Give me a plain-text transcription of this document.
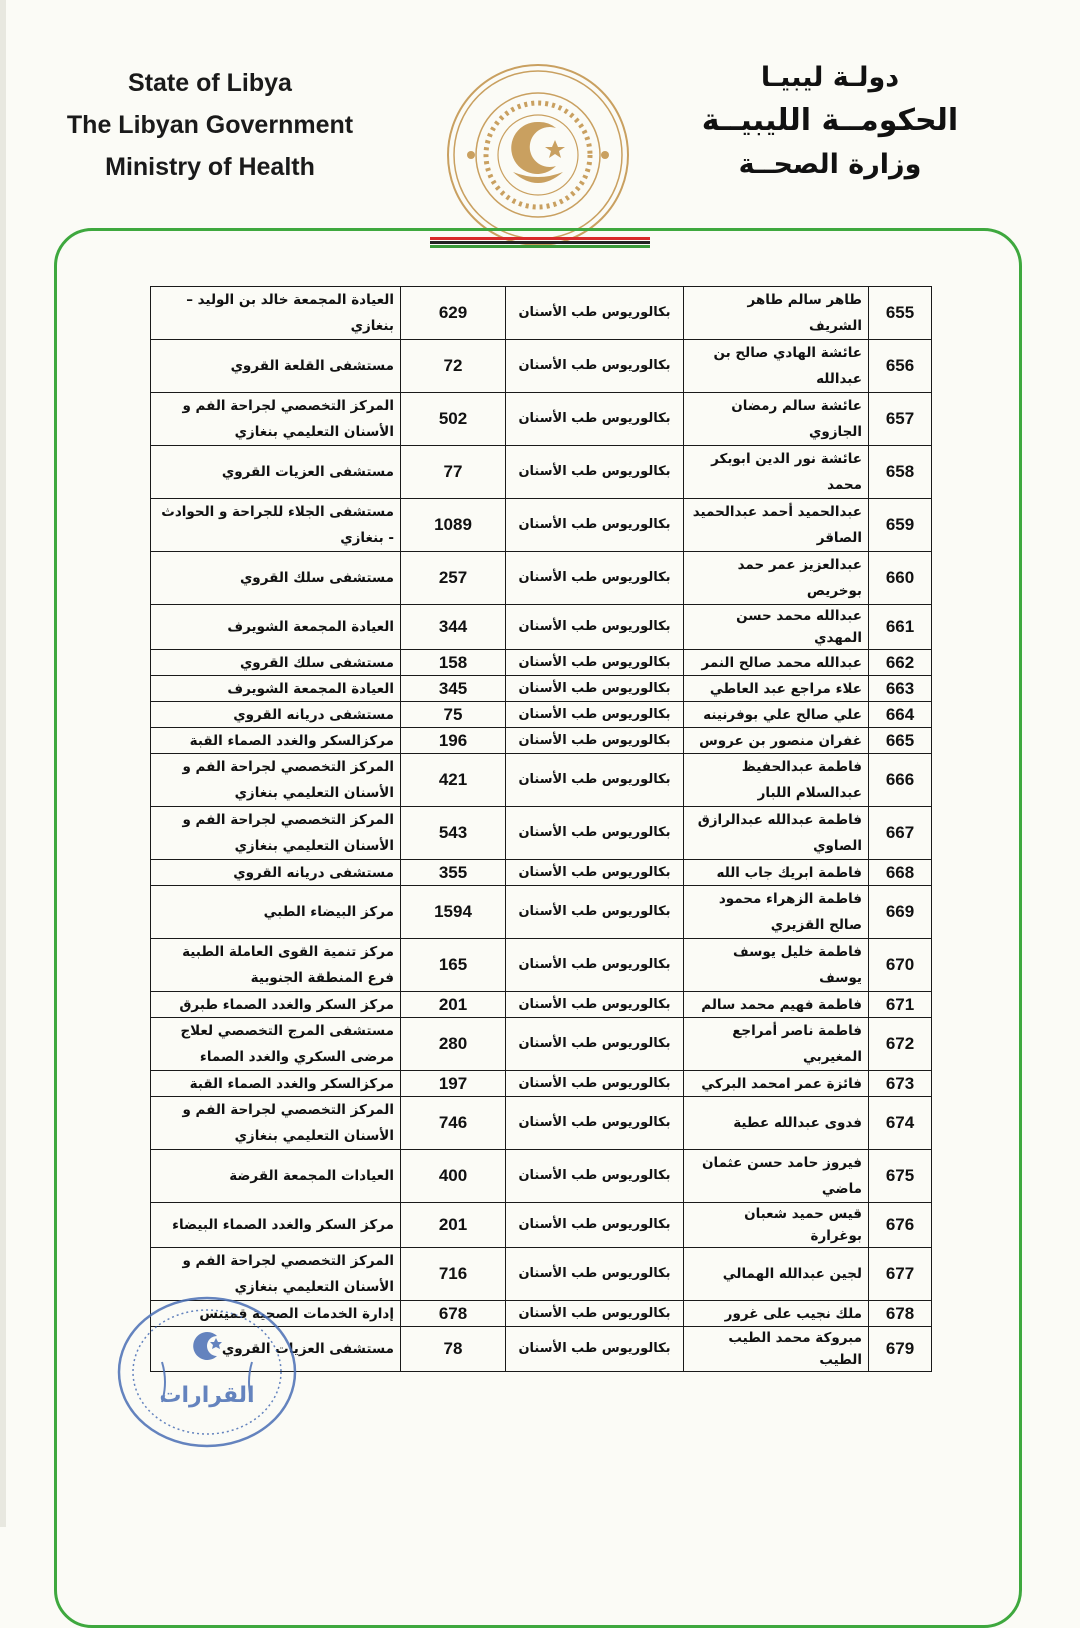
State of Libya
The Libyan Government
Ministry of Health
دولـة ليبيـا
الحكومــة الليبيــة
وزارة الصحــة
655	طاهر سالم طاهر الشريف	بكالوريوس طب الأسنان	629	العيادة المجمعة خالد بن الوليد – بنغازي
656	عائشة الهادي صالح بن عبدالله	بكالوريوس طب الأسنان	72	مستشفى القلعة القروي
657	عائشة سالم رمضان الجازوي	بكالوريوس طب الأسنان	502	المركز التخصصي لجراحة الفم و الأسنان التعليمي بنغازي
658	عائشة نور الدين ابوبكر محمد	بكالوريوس طب الأسنان	77	مستشفى العزيات القروي
659	عبدالحميد أحمد عبدالحميد الصاقر	بكالوريوس طب الأسنان	1089	مستشفى الجلاء للجراحة و الحوادث - بنغازي
660	عبدالعزيز عمر حمد بوخريص	بكالوريوس طب الأسنان	257	مستشفى سلك القروي
661	عبدالله محمد حسن المهدي	بكالوريوس طب الأسنان	344	العيادة المجمعة الشويرف
662	عبدالله محمد صالح النمر	بكالوريوس طب الأسنان	158	مستشفى سلك القروي
663	علاء مراجع عبد العاطي	بكالوريوس طب الأسنان	345	العيادة المجمعة الشويرف
664	علي صالح علي بوفرنينه	بكالوريوس طب الأسنان	75	مستشفى دريانه القروي
665	غفران منصور بن عروس	بكالوريوس طب الأسنان	196	مركزالسكر والغدد الصماء القبة
666	فاطمة عبدالحفيظ عبدالسلام اللبار	بكالوريوس طب الأسنان	421	المركز التخصصي لجراحة الفم و الأسنان التعليمي بنغازي
667	فاطمة عبدالله عبدالرازق الصاوي	بكالوريوس طب الأسنان	543	المركز التخصصي لجراحة الفم و الأسنان التعليمي بنغازي
668	فاطمة ابريك جاب الله	بكالوريوس طب الأسنان	355	مستشفى دريانه القروي
669	فاطمة الزهراء محمود صالح القزيري	بكالوريوس طب الأسنان	1594	مركز البيضاء الطبي
670	فاطمة خليل يوسف يوسف	بكالوريوس طب الأسنان	165	مركز تنمية القوى العاملة الطبية فرع المنطقة الجنوبية
671	فاطمة فهيم محمد سالم	بكالوريوس طب الأسنان	201	مركز السكر والغدد الصماء طبرق
672	فاطمة ناصر أمراجع المغيربي	بكالوريوس طب الأسنان	280	مستشفى المرج التخصصي لعلاج مرضى السكري والغدد الصماء
673	فائزة عمر امحمد البركي	بكالوريوس طب الأسنان	197	مركزالسكر والغدد الصماء القبة
674	فدوى عبدالله عطية	بكالوريوس طب الأسنان	746	المركز التخصصي لجراحة الفم و الأسنان التعليمي بنغازي
675	فيروز حامد حسن عثمان ماضي	بكالوريوس طب الأسنان	400	العيادات المجمعة القرضة
676	قيس حميد شعبان بوغرارة	بكالوريوس طب الأسنان	201	مركز السكر والغدد الصماء البيضاء
677	لجين عبدالله الهمالي	بكالوريوس طب الأسنان	716	المركز التخصصي لجراحة الفم و الأسنان التعليمي بنغازي
678	ملك نجيب على غرور	بكالوريوس طب الأسنان	678	إدارة الخدمات الصحية قمينس
679	مبروكة محمد الطيب الطيب	بكالوريوس طب الأسنان	78	مستشفى العزيات القروي
القرارات
